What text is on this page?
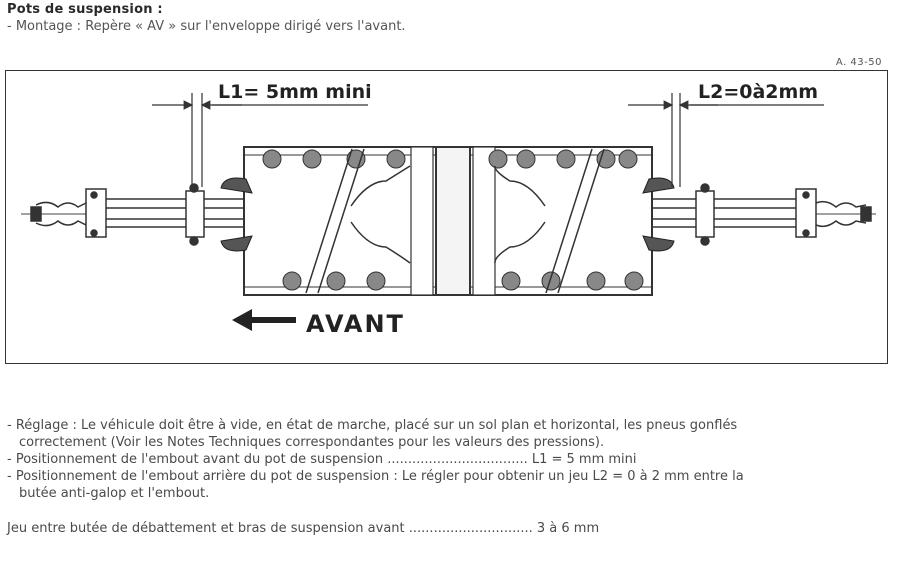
Pots de suspension :
- Montage : Repère « AV » sur l'enveloppe dirigé vers l'avant.
A. 43-50
L1= 5mm mini	L2=0à2mm
AVANT

- Réglage : Le véhicule doit être à vide, en état de marche, placé sur un sol plan et horizontal, les pneus gonflés

correctement (Voir les Notes Techniques correspondantes pour les valeurs des pressions).

- Positionnement de l'embout avant du pot de suspension .................................. L1 = 5 mm mini

- Positionnement de l'embout arrière du pot de suspension : Le régler pour obtenir un jeu L2 = 0 à 2 mm entre la

butée anti-galop et l'embout.

Jeu entre butée de débattement et bras de suspension avant .............................. 3 à 6 mm
